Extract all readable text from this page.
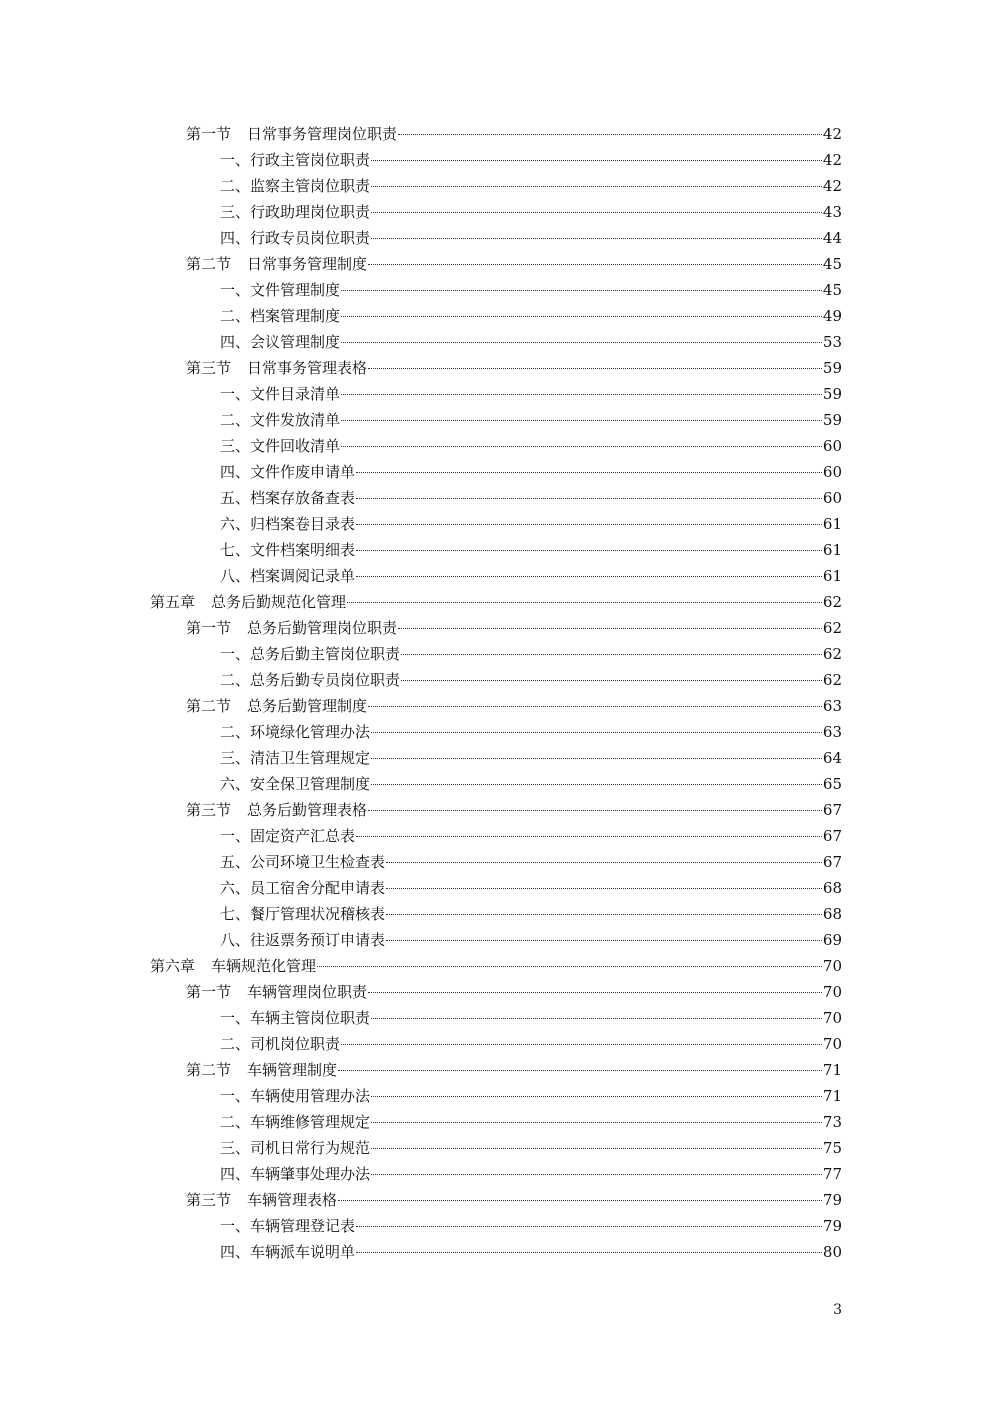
第一节 日常事务管理岗位职责	42
一、 行政主管岗位职责	42
二、 监察主管岗位职责	42
三、 行政助理岗位职责	43
四、 行政专员岗位职责	44
第二节 日常事务管理制度	45
一、 文件管理制度	45
二、 档案管理制度	49
四、 会议管理制度	53
第三节 日常事务管理表格	59
一、 文件目录清单	59
二、 文件发放清单	59
三、 文件回收清单	60
四、 文件作废申请单	60
五、 档案存放备查表	60
六、 归档案卷目录表	61
七、 文件档案明细表	61
八、 档案调阅记录单	61
第五章 总务后勤规范化管理	62
第一节 总务后勤管理岗位职责	62
一、 总务后勤主管岗位职责	62
二、 总务后勤专员岗位职责	62
第二节 总务后勤管理制度	63
二、 环境绿化管理办法	63
三、 清洁卫生管理规定	64
六、 安全保卫管理制度	65
第三节 总务后勤管理表格	67
一、 固定资产汇总表	67
五、 公司环境卫生检查表	67
六、 员工宿舍分配申请表	68
七、 餐厅管理状况稽核表	68
八、 往返票务预订申请表	69
第六章 车辆规范化管理	70
第一节 车辆管理岗位职责	70
一、 车辆主管岗位职责	70
二、 司机岗位职责	70
第二节 车辆管理制度	71
一、 车辆使用管理办法	71
二、 车辆维修管理规定	73
三、 司机日常行为规范	75
四、 车辆肇事处理办法	77
第三节 车辆管理表格	79
一、 车辆管理登记表	79
四、 车辆派车说明单	80
3
